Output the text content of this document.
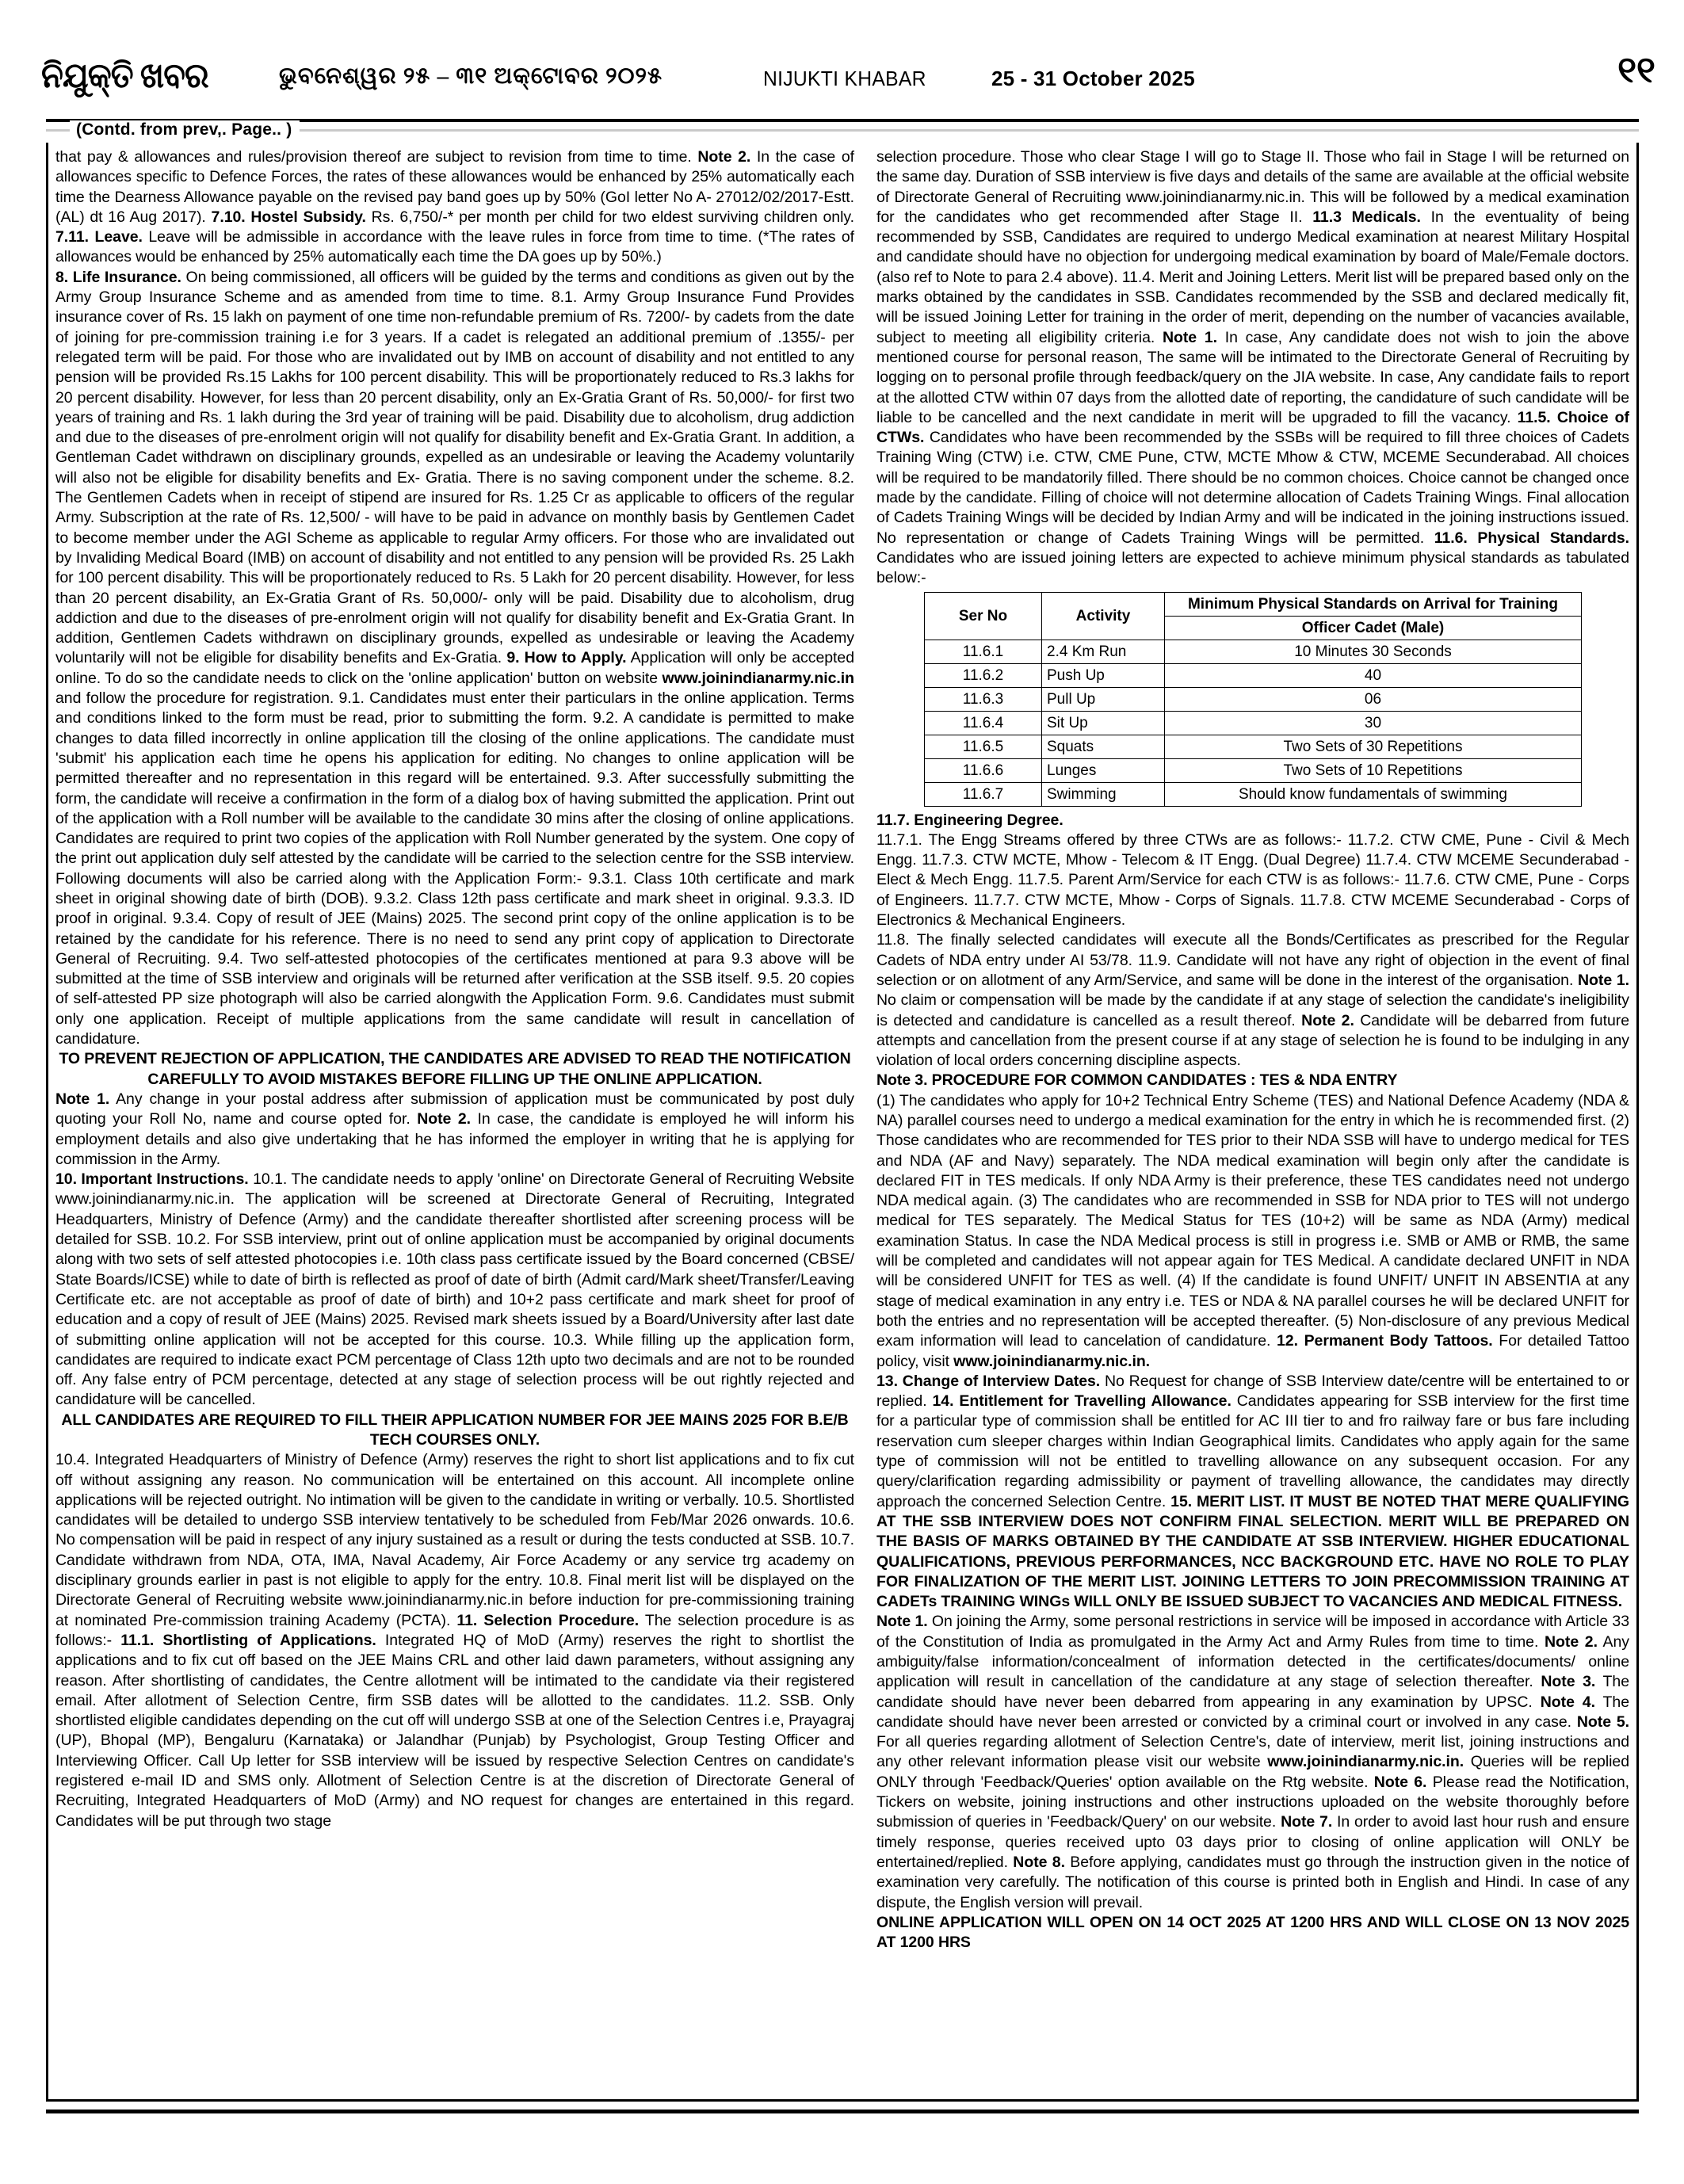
ନିଯୁକ୍ତି ଖବର	ଭୁବନେଶ୍ୱର ୨୫ – ୩୧ ଅକ୍ଟୋବର ୨୦୨୫	NIJUKTI KHABAR	25 - 31 October 2025	୧୧
(Contd. from prev,. Page.. )

that pay & allowances and rules/provision thereof are subject to revision from time to time. Note 2. In the case of allowances specific to Defence Forces, the rates of these allowances would be enhanced by 25% automatically each time the Dearness Allowance payable on the revised pay band goes up by 50% (GoI letter No A- 27012/02/2017-Estt.(AL) dt 16 Aug 2017). 7.10. Hostel Subsidy. Rs. 6,750/-* per month per child for two eldest surviving children only. 7.11. Leave. Leave will be admissible in accordance with the leave rules in force from time to time. (*The rates of allowances would be enhanced by 25% automatically each time the DA goes up by 50%.)

8. Life Insurance. On being commissioned, all officers will be guided by the terms and conditions as given out by the Army Group Insurance Scheme and as amended from time to time. 8.1. Army Group Insurance Fund Provides insurance cover of Rs. 15 lakh on payment of one time non-refundable premium of Rs. 7200/- by cadets from the date of joining for pre-commission training i.e for 3 years. If a cadet is relegated an additional premium of .1355/- per relegated term will be paid. For those who are invalidated out by IMB on account of disability and not entitled to any pension will be provided Rs.15 Lakhs for 100 percent disability. This will be proportionately reduced to Rs.3 lakhs for 20 percent disability. However, for less than 20 percent disability, only an Ex-Gratia Grant of Rs. 50,000/- for first two years of training and Rs. 1 lakh during the 3rd year of training will be paid. Disability due to alcoholism, drug addiction and due to the diseases of pre-enrolment origin will not qualify for disability benefit and Ex-Gratia Grant. In addition, a Gentleman Cadet withdrawn on disciplinary grounds, expelled as an undesirable or leaving the Academy voluntarily will also not be eligible for disability benefits and Ex- Gratia. There is no saving component under the scheme. 8.2. The Gentlemen Cadets when in receipt of stipend are insured for Rs. 1.25 Cr as applicable to officers of the regular Army. Subscription at the rate of Rs. 12,500/ - will have to be paid in advance on monthly basis by Gentlemen Cadet to become member under the AGI Scheme as applicable to regular Army officers. For those who are invalidated out by Invaliding Medical Board (IMB) on account of disability and not entitled to any pension will be provided Rs. 25 Lakh for 100 percent disability. This will be proportionately reduced to Rs. 5 Lakh for 20 percent disability. However, for less than 20 percent disability, an Ex-Gratia Grant of Rs. 50,000/- only will be paid. Disability due to alcoholism, drug addiction and due to the diseases of pre-enrolment origin will not qualify for disability benefit and Ex-Gratia Grant. In addition, Gentlemen Cadets withdrawn on disciplinary grounds, expelled as undesirable or leaving the Academy voluntarily will not be eligible for disability benefits and Ex-Gratia. 9. How to Apply. Application will only be accepted online. To do so the candidate needs to click on the 'online application' button on website www.joinindianarmy.nic.in and follow the procedure for registration. 9.1. Candidates must enter their particulars in the online application. Terms and conditions linked to the form must be read, prior to submitting the form. 9.2. A candidate is permitted to make changes to data filled incorrectly in online application till the closing of the online applications. The candidate must 'submit' his application each time he opens his application for editing. No changes to online application will be permitted thereafter and no representation in this regard will be entertained. 9.3. After successfully submitting the form, the candidate will receive a confirmation in the form of a dialog box of having submitted the application. Print out of the application with a Roll number will be available to the candidate 30 mins after the closing of online applications. Candidates are required to print two copies of the application with Roll Number generated by the system. One copy of the print out application duly self attested by the candidate will be carried to the selection centre for the SSB interview. Following documents will also be carried along with the Application Form:- 9.3.1. Class 10th certificate and mark sheet in original showing date of birth (DOB). 9.3.2. Class 12th pass certificate and mark sheet in original. 9.3.3. ID proof in original. 9.3.4. Copy of result of JEE (Mains) 2025. The second print copy of the online application is to be retained by the candidate for his reference. There is no need to send any print copy of application to Directorate General of Recruiting. 9.4. Two self-attested photocopies of the certificates mentioned at para 9.3 above will be submitted at the time of SSB interview and originals will be returned after verification at the SSB itself. 9.5. 20 copies of self-attested PP size photograph will also be carried alongwith the Application Form. 9.6. Candidates must submit only one application. Receipt of multiple applications from the same candidate will result in cancellation of candidature.

TO PREVENT REJECTION OF APPLICATION, THE CANDIDATES ARE ADVISED TO READ THE NOTIFICATION CAREFULLY TO AVOID MISTAKES BEFORE FILLING UP THE ONLINE APPLICATION.

Note 1. Any change in your postal address after submission of application must be communicated by post duly quoting your Roll No, name and course opted for. Note 2. In case, the candidate is employed he will inform his employment details and also give undertaking that he has informed the employer in writing that he is applying for commission in the Army.

10. Important Instructions. 10.1. The candidate needs to apply 'online' on Directorate General of Recruiting Website www.joinindianarmy.nic.in. The application will be screened at Directorate General of Recruiting, Integrated Headquarters, Ministry of Defence (Army) and the candidate thereafter shortlisted after screening process will be detailed for SSB. 10.2. For SSB interview, print out of online application must be accompanied by original documents along with two sets of self attested photocopies i.e. 10th class pass certificate issued by the Board concerned (CBSE/ State Boards/ICSE) while to date of birth is reflected as proof of date of birth (Admit card/Mark sheet/Transfer/Leaving Certificate etc. are not acceptable as proof of date of birth) and 10+2 pass certificate and mark sheet for proof of education and a copy of result of JEE (Mains) 2025. Revised mark sheets issued by a Board/University after last date of submitting online application will not be accepted for this course. 10.3. While filling up the application form, candidates are required to indicate exact PCM percentage of Class 12th upto two decimals and are not to be rounded off. Any false entry of PCM percentage, detected at any stage of selection process will be out rightly rejected and candidature will be cancelled.

ALL CANDIDATES ARE REQUIRED TO FILL THEIR APPLICATION NUMBER FOR JEE MAINS 2025 FOR B.E/B TECH COURSES ONLY.

10.4. Integrated Headquarters of Ministry of Defence (Army) reserves the right to short list applications and to fix cut off without assigning any reason. No communication will be entertained on this account. All incomplete online applications will be rejected outright. No intimation will be given to the candidate in writing or verbally. 10.5. Shortlisted candidates will be detailed to undergo SSB interview tentatively to be scheduled from Feb/Mar 2026 onwards. 10.6. No compensation will be paid in respect of any injury sustained as a result or during the tests conducted at SSB. 10.7. Candidate withdrawn from NDA, OTA, IMA, Naval Academy, Air Force Academy or any service trg academy on disciplinary grounds earlier in past is not eligible to apply for the entry. 10.8. Final merit list will be displayed on the Directorate General of Recruiting website www.joinindianarmy.nic.in before induction for pre-commissioning training at nominated Pre-commission training Academy (PCTA). 11. Selection Procedure. The selection procedure is as follows:- 11.1. Shortlisting of Applications. Integrated HQ of MoD (Army) reserves the right to shortlist the applications and to fix cut off based on the JEE Mains CRL and other laid dawn parameters, without assigning any reason. After shortlisting of candidates, the Centre allotment will be intimated to the candidate via their registered email. After allotment of Selection Centre, firm SSB dates will be allotted to the candidates. 11.2. SSB. Only shortlisted eligible candidates depending on the cut off will undergo SSB at one of the Selection Centres i.e, Prayagraj (UP), Bhopal (MP), Bengaluru (Karnataka) or Jalandhar (Punjab) by Psychologist, Group Testing Officer and Interviewing Officer. Call Up letter for SSB interview will be issued by respective Selection Centres on candidate's registered e-mail ID and SMS only. Allotment of Selection Centre is at the discretion of Directorate General of Recruiting, Integrated Headquarters of MoD (Army) and NO request for changes are entertained in this regard. Candidates will be put through two stage

selection procedure. Those who clear Stage I will go to Stage II. Those who fail in Stage I will be returned on the same day. Duration of SSB interview is five days and details of the same are available at the official website of Directorate General of Recruiting www.joinindianarmy.nic.in. This will be followed by a medical examination for the candidates who get recommended after Stage II. 11.3 Medicals. In the eventuality of being recommended by SSB, Candidates are required to undergo Medical examination at nearest Military Hospital and candidate should have no objection for undergoing medical examination by board of Male/Female doctors. (also ref to Note to para 2.4 above). 11.4. Merit and Joining Letters. Merit list will be prepared based only on the marks obtained by the candidates in SSB. Candidates recommended by the SSB and declared medically fit, will be issued Joining Letter for training in the order of merit, depending on the number of vacancies available, subject to meeting all eligibility criteria. Note 1. In case, Any candidate does not wish to join the above mentioned course for personal reason, The same will be intimated to the Directorate General of Recruiting by logging on to personal profile through feedback/query on the JIA website. In case, Any candidate fails to report at the allotted CTW within 07 days from the allotted date of reporting, the candidature of such candidate will be liable to be cancelled and the next candidate in merit will be upgraded to fill the vacancy. 11.5. Choice of CTWs. Candidates who have been recommended by the SSBs will be required to fill three choices of Cadets Training Wing (CTW) i.e. CTW, CME Pune, CTW, MCTE Mhow & CTW, MCEME Secunderabad. All choices will be required to be mandatorily filled. There should be no common choices. Choice cannot be changed once made by the candidate. Filling of choice will not determine allocation of Cadets Training Wings. Final allocation of Cadets Training Wings will be decided by Indian Army and will be indicated in the joining instructions issued. No representation or change of Cadets Training Wings will be permitted. 11.6. Physical Standards. Candidates who are issued joining letters are expected to achieve minimum physical standards as tabulated below:-

Ser No	Activity	Minimum Physical Standards on Arrival for Training
		Officer Cadet (Male)
11.6.1	2.4 Km Run	10 Minutes 30 Seconds
11.6.2	Push Up	40
11.6.3	Pull Up	06
11.6.4	Sit Up	30
11.6.5	Squats	Two Sets of 30 Repetitions
11.6.6	Lunges	Two Sets of 10 Repetitions
11.6.7	Swimming	Should know fundamentals of swimming

11.7. Engineering Degree.

11.7.1. The Engg Streams offered by three CTWs are as follows:- 11.7.2. CTW CME, Pune - Civil & Mech Engg. 11.7.3. CTW MCTE, Mhow - Telecom & IT Engg. (Dual Degree) 11.7.4. CTW MCEME Secunderabad - Elect & Mech Engg. 11.7.5. Parent Arm/Service for each CTW is as follows:- 11.7.6. CTW CME, Pune - Corps of Engineers. 11.7.7. CTW MCTE, Mhow - Corps of Signals. 11.7.8. CTW MCEME Secunderabad - Corps of Electronics & Mechanical Engineers.

11.8. The finally selected candidates will execute all the Bonds/Certificates as prescribed for the Regular Cadets of NDA entry under AI 53/78. 11.9. Candidate will not have any right of objection in the event of final selection or on allotment of any Arm/Service, and same will be done in the interest of the organisation. Note 1. No claim or compensation will be made by the candidate if at any stage of selection the candidate's ineligibility is detected and candidature is cancelled as a result thereof. Note 2. Candidate will be debarred from future attempts and cancellation from the present course if at any stage of selection he is found to be indulging in any violation of local orders concerning discipline aspects.

Note 3. PROCEDURE FOR COMMON CANDIDATES : TES & NDA ENTRY

(1) The candidates who apply for 10+2 Technical Entry Scheme (TES) and National Defence Academy (NDA & NA) parallel courses need to undergo a medical examination for the entry in which he is recommended first. (2) Those candidates who are recommended for TES prior to their NDA SSB will have to undergo medical for TES and NDA (AF and Navy) separately. The NDA medical examination will begin only after the candidate is declared FIT in TES medicals. If only NDA Army is their preference, these TES candidates need not undergo NDA medical again. (3) The candidates who are recommended in SSB for NDA prior to TES will not undergo medical for TES separately. The Medical Status for TES (10+2) will be same as NDA (Army) medical examination Status. In case the NDA Medical process is still in progress i.e. SMB or AMB or RMB, the same will be completed and candidates will not appear again for TES Medical. A candidate declared UNFIT in NDA will be considered UNFIT for TES as well. (4) If the candidate is found UNFIT/ UNFIT IN ABSENTIA at any stage of medical examination in any entry i.e. TES or NDA & NA parallel courses he will be declared UNFIT for both the entries and no representation will be accepted thereafter. (5) Non-disclosure of any previous Medical exam information will lead to cancelation of candidature. 12. Permanent Body Tattoos. For detailed Tattoo policy, visit www.joinindianarmy.nic.in.

13. Change of Interview Dates. No Request for change of SSB Interview date/centre will be entertained to or replied. 14. Entitlement for Travelling Allowance. Candidates appearing for SSB interview for the first time for a particular type of commission shall be entitled for AC III tier to and fro railway fare or bus fare including reservation cum sleeper charges within Indian Geographical limits. Candidates who apply again for the same type of commission will not be entitled to travelling allowance on any subsequent occasion. For any query/clarification regarding admissibility or payment of travelling allowance, the candidates may directly approach the concerned Selection Centre. 15. MERIT LIST. IT MUST BE NOTED THAT MERE QUALIFYING AT THE SSB INTERVIEW DOES NOT CONFIRM FINAL SELECTION. MERIT WILL BE PREPARED ON THE BASIS OF MARKS OBTAINED BY THE CANDIDATE AT SSB INTERVIEW. HIGHER EDUCATIONAL QUALIFICATIONS, PREVIOUS PERFORMANCES, NCC BACKGROUND ETC. HAVE NO ROLE TO PLAY FOR FINALIZATION OF THE MERIT LIST. JOINING LETTERS TO JOIN PRECOMMISSION TRAINING AT CADETs TRAINING WINGs WILL ONLY BE ISSUED SUBJECT TO VACANCIES AND MEDICAL FITNESS.

Note 1. On joining the Army, some personal restrictions in service will be imposed in accordance with Article 33 of the Constitution of India as promulgated in the Army Act and Army Rules from time to time. Note 2. Any ambiguity/false information/concealment of information detected in the certificates/documents/ online application will result in cancellation of the candidature at any stage of selection thereafter. Note 3. The candidate should have never been debarred from appearing in any examination by UPSC. Note 4. The candidate should have never been arrested or convicted by a criminal court or involved in any case. Note 5. For all queries regarding allotment of Selection Centre's, date of interview, merit list, joining instructions and any other relevant information please visit our website www.joinindianarmy.nic.in. Queries will be replied ONLY through 'Feedback/Queries' option available on the Rtg website. Note 6. Please read the Notification, Tickers on website, joining instructions and other instructions uploaded on the website thoroughly before submission of queries in 'Feedback/Query' on our website. Note 7. In order to avoid last hour rush and ensure timely response, queries received upto 03 days prior to closing of online application will ONLY be entertained/replied. Note 8. Before applying, candidates must go through the instruction given in the notice of examination very carefully. The notification of this course is printed both in English and Hindi. In case of any dispute, the English version will prevail.

ONLINE APPLICATION WILL OPEN ON 14 OCT 2025 AT 1200 HRS AND WILL CLOSE ON 13 NOV 2025 AT 1200 HRS
